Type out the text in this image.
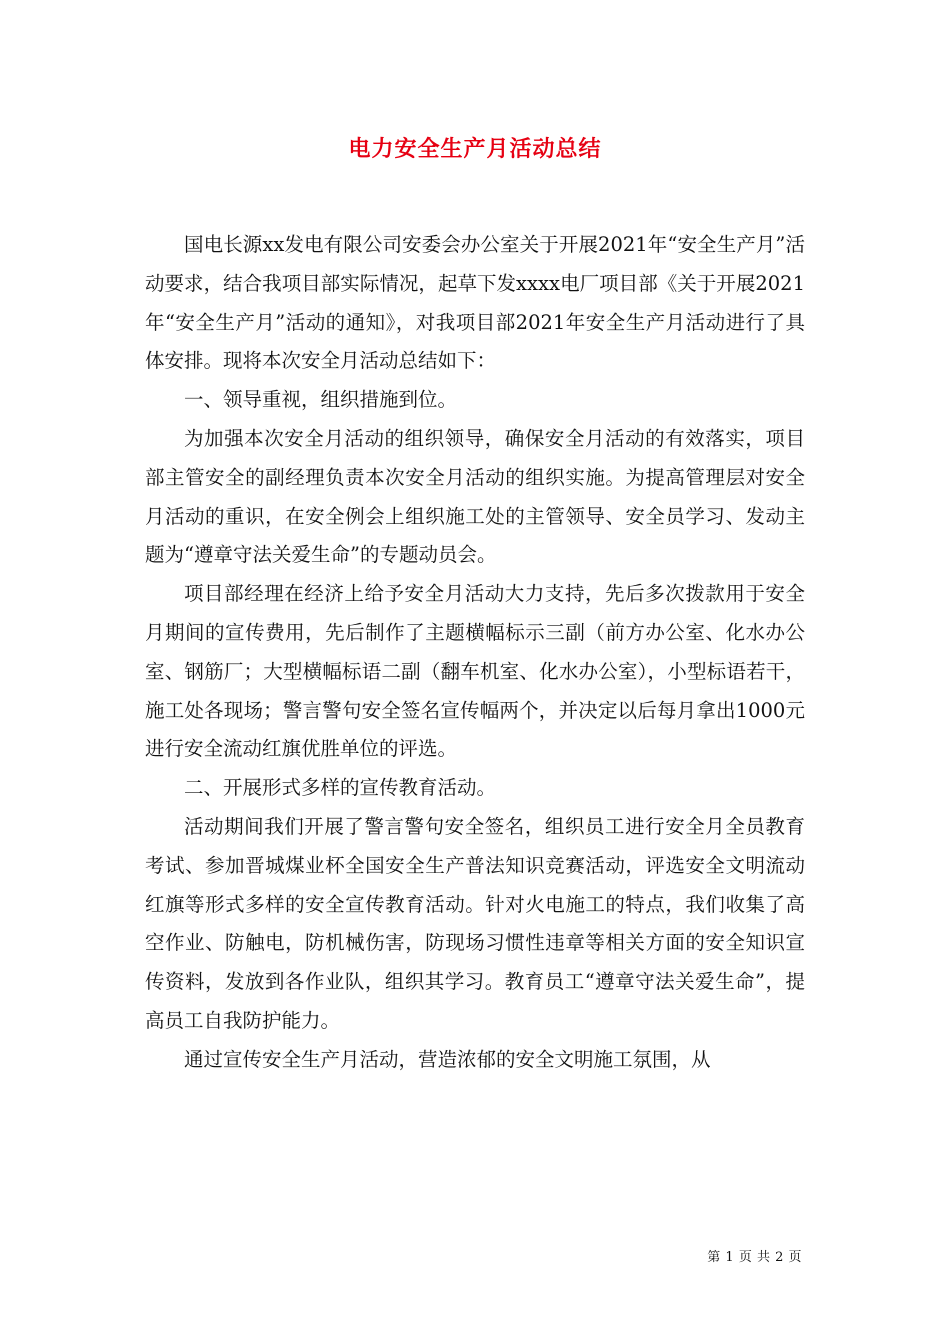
电力安全生产月活动总结

国电长源xx发电有限公司安委会办公室关于开展2021年“安全生产月”活动要求，结合我项目部实际情况，起草下发xxxx电厂项目部《关于开展2021年“安全生产月”活动的通知》，对我项目部2021年安全生产月活动进行了具体安排。现将本次安全月活动总结如下：

一、领导重视，组织措施到位。

为加强本次安全月活动的组织领导，确保安全月活动的有效落实，项目部主管安全的副经理负责本次安全月活动的组织实施。为提高管理层对安全月活动的重识，在安全例会上组织施工处的主管领导、安全员学习、发动主题为“遵章守法关爱生命”的专题动员会。

项目部经理在经济上给予安全月活动大力支持，先后多次拨款用于安全月期间的宣传费用，先后制作了主题横幅标示三副（前方办公室、化水办公室、钢筋厂；大型横幅标语二副（翻车机室、化水办公室），小型标语若干，施工处各现场；警言警句安全签名宣传幅两个，并决定以后每月拿出1000元进行安全流动红旗优胜单位的评选。

二、开展形式多样的宣传教育活动。

活动期间我们开展了警言警句安全签名，组织员工进行安全月全员教育考试、参加晋城煤业杯全国安全生产普法知识竞赛活动，评选安全文明流动红旗等形式多样的安全宣传教育活动。针对火电施工的特点，我们收集了高空作业、防触电，防机械伤害，防现场习惯性违章等相关方面的安全知识宣传资料，发放到各作业队，组织其学习。教育员工“遵章守法关爱生命”，提高员工自我防护能力。

通过宣传安全生产月活动，营造浓郁的安全文明施工氛围，从

第 1 页 共 2 页
